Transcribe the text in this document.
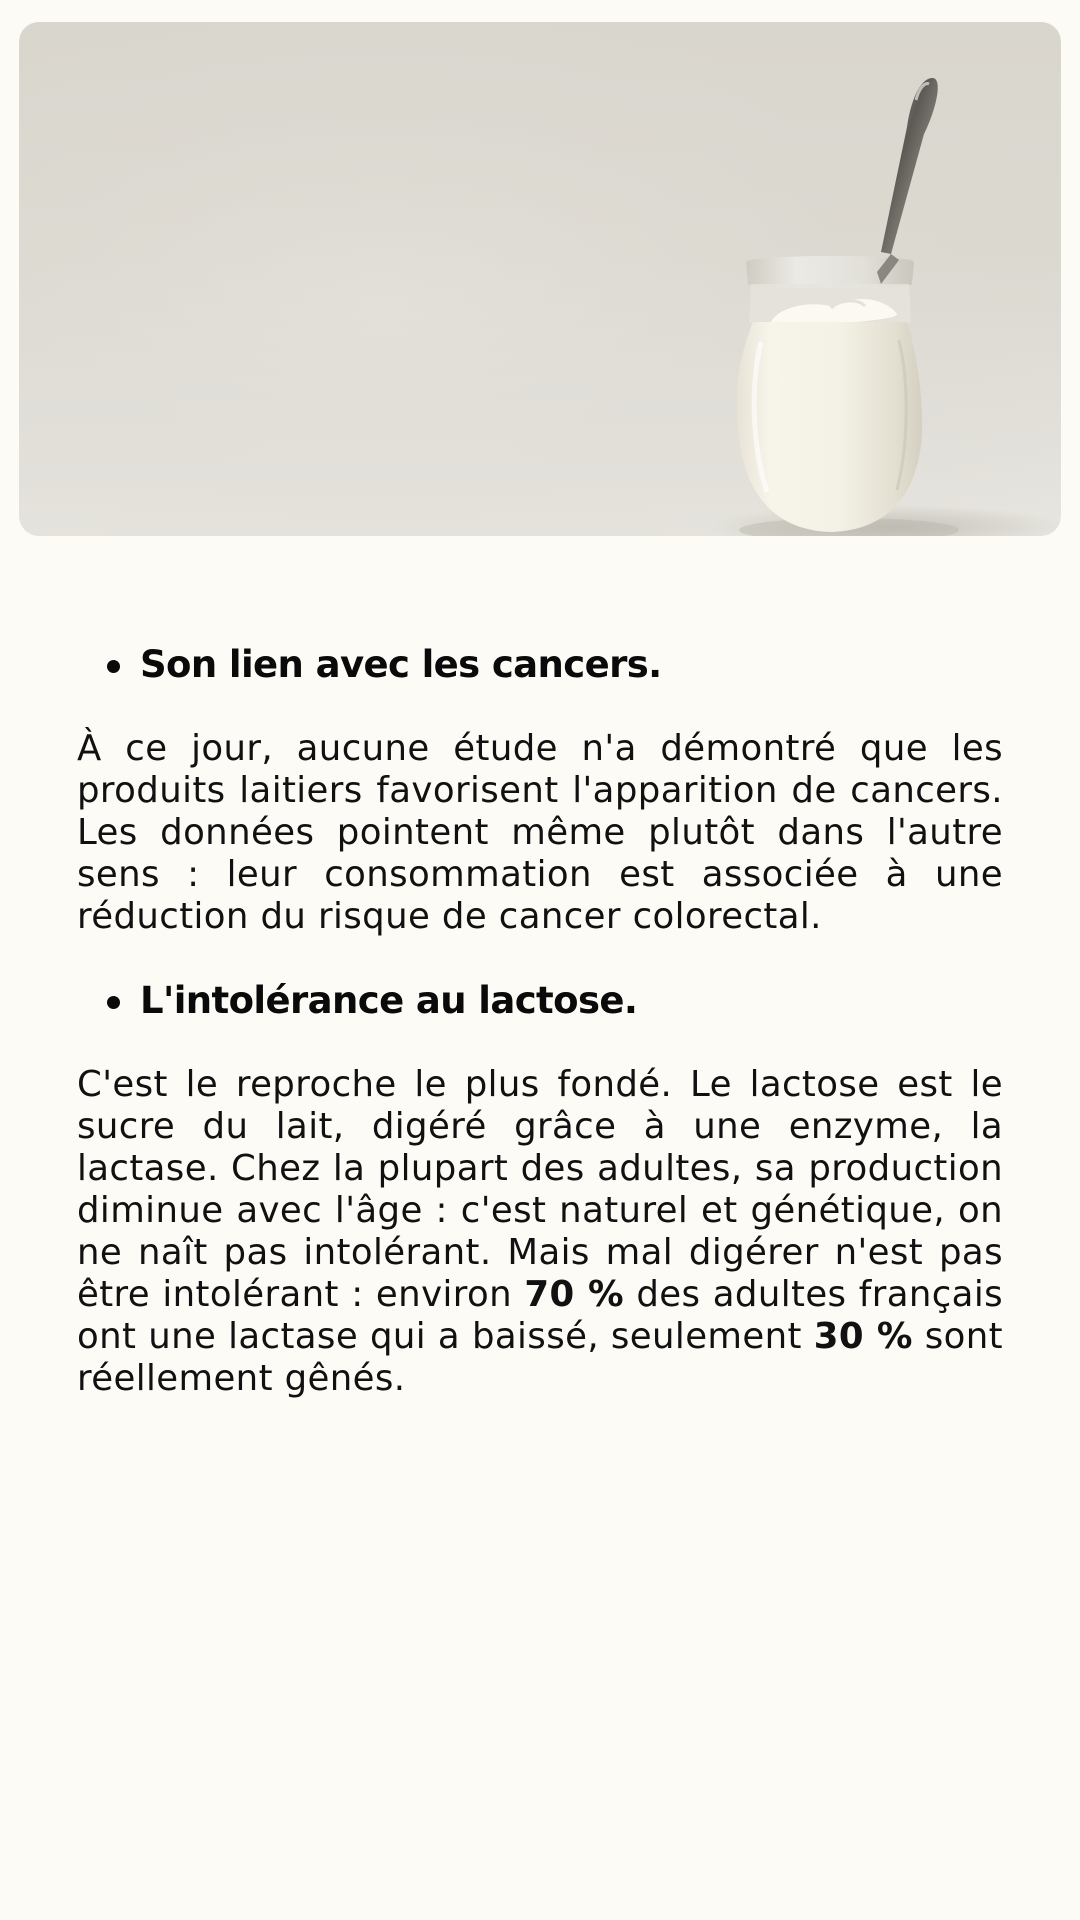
Son lien avec les cancers.

À ce jour, aucune étude n'a démontré que les produits laitiers favorisent l'apparition de cancers. Les données pointent même plutôt dans l'autre sens : leur consommation est associée à une réduction du risque de cancer colorectal.

L'intolérance au lactose.

C'est le reproche le plus fondé. Le lactose est le sucre du lait, digéré grâce à une enzyme, la lactase. Chez la plupart des adultes, sa production diminue avec l'âge : c'est naturel et génétique, on ne naît pas intolérant. Mais mal digérer n'est pas être intolérant : environ 70 % des adultes français ont une lactase qui a baissé, seulement 30 % sont réellement gênés.
